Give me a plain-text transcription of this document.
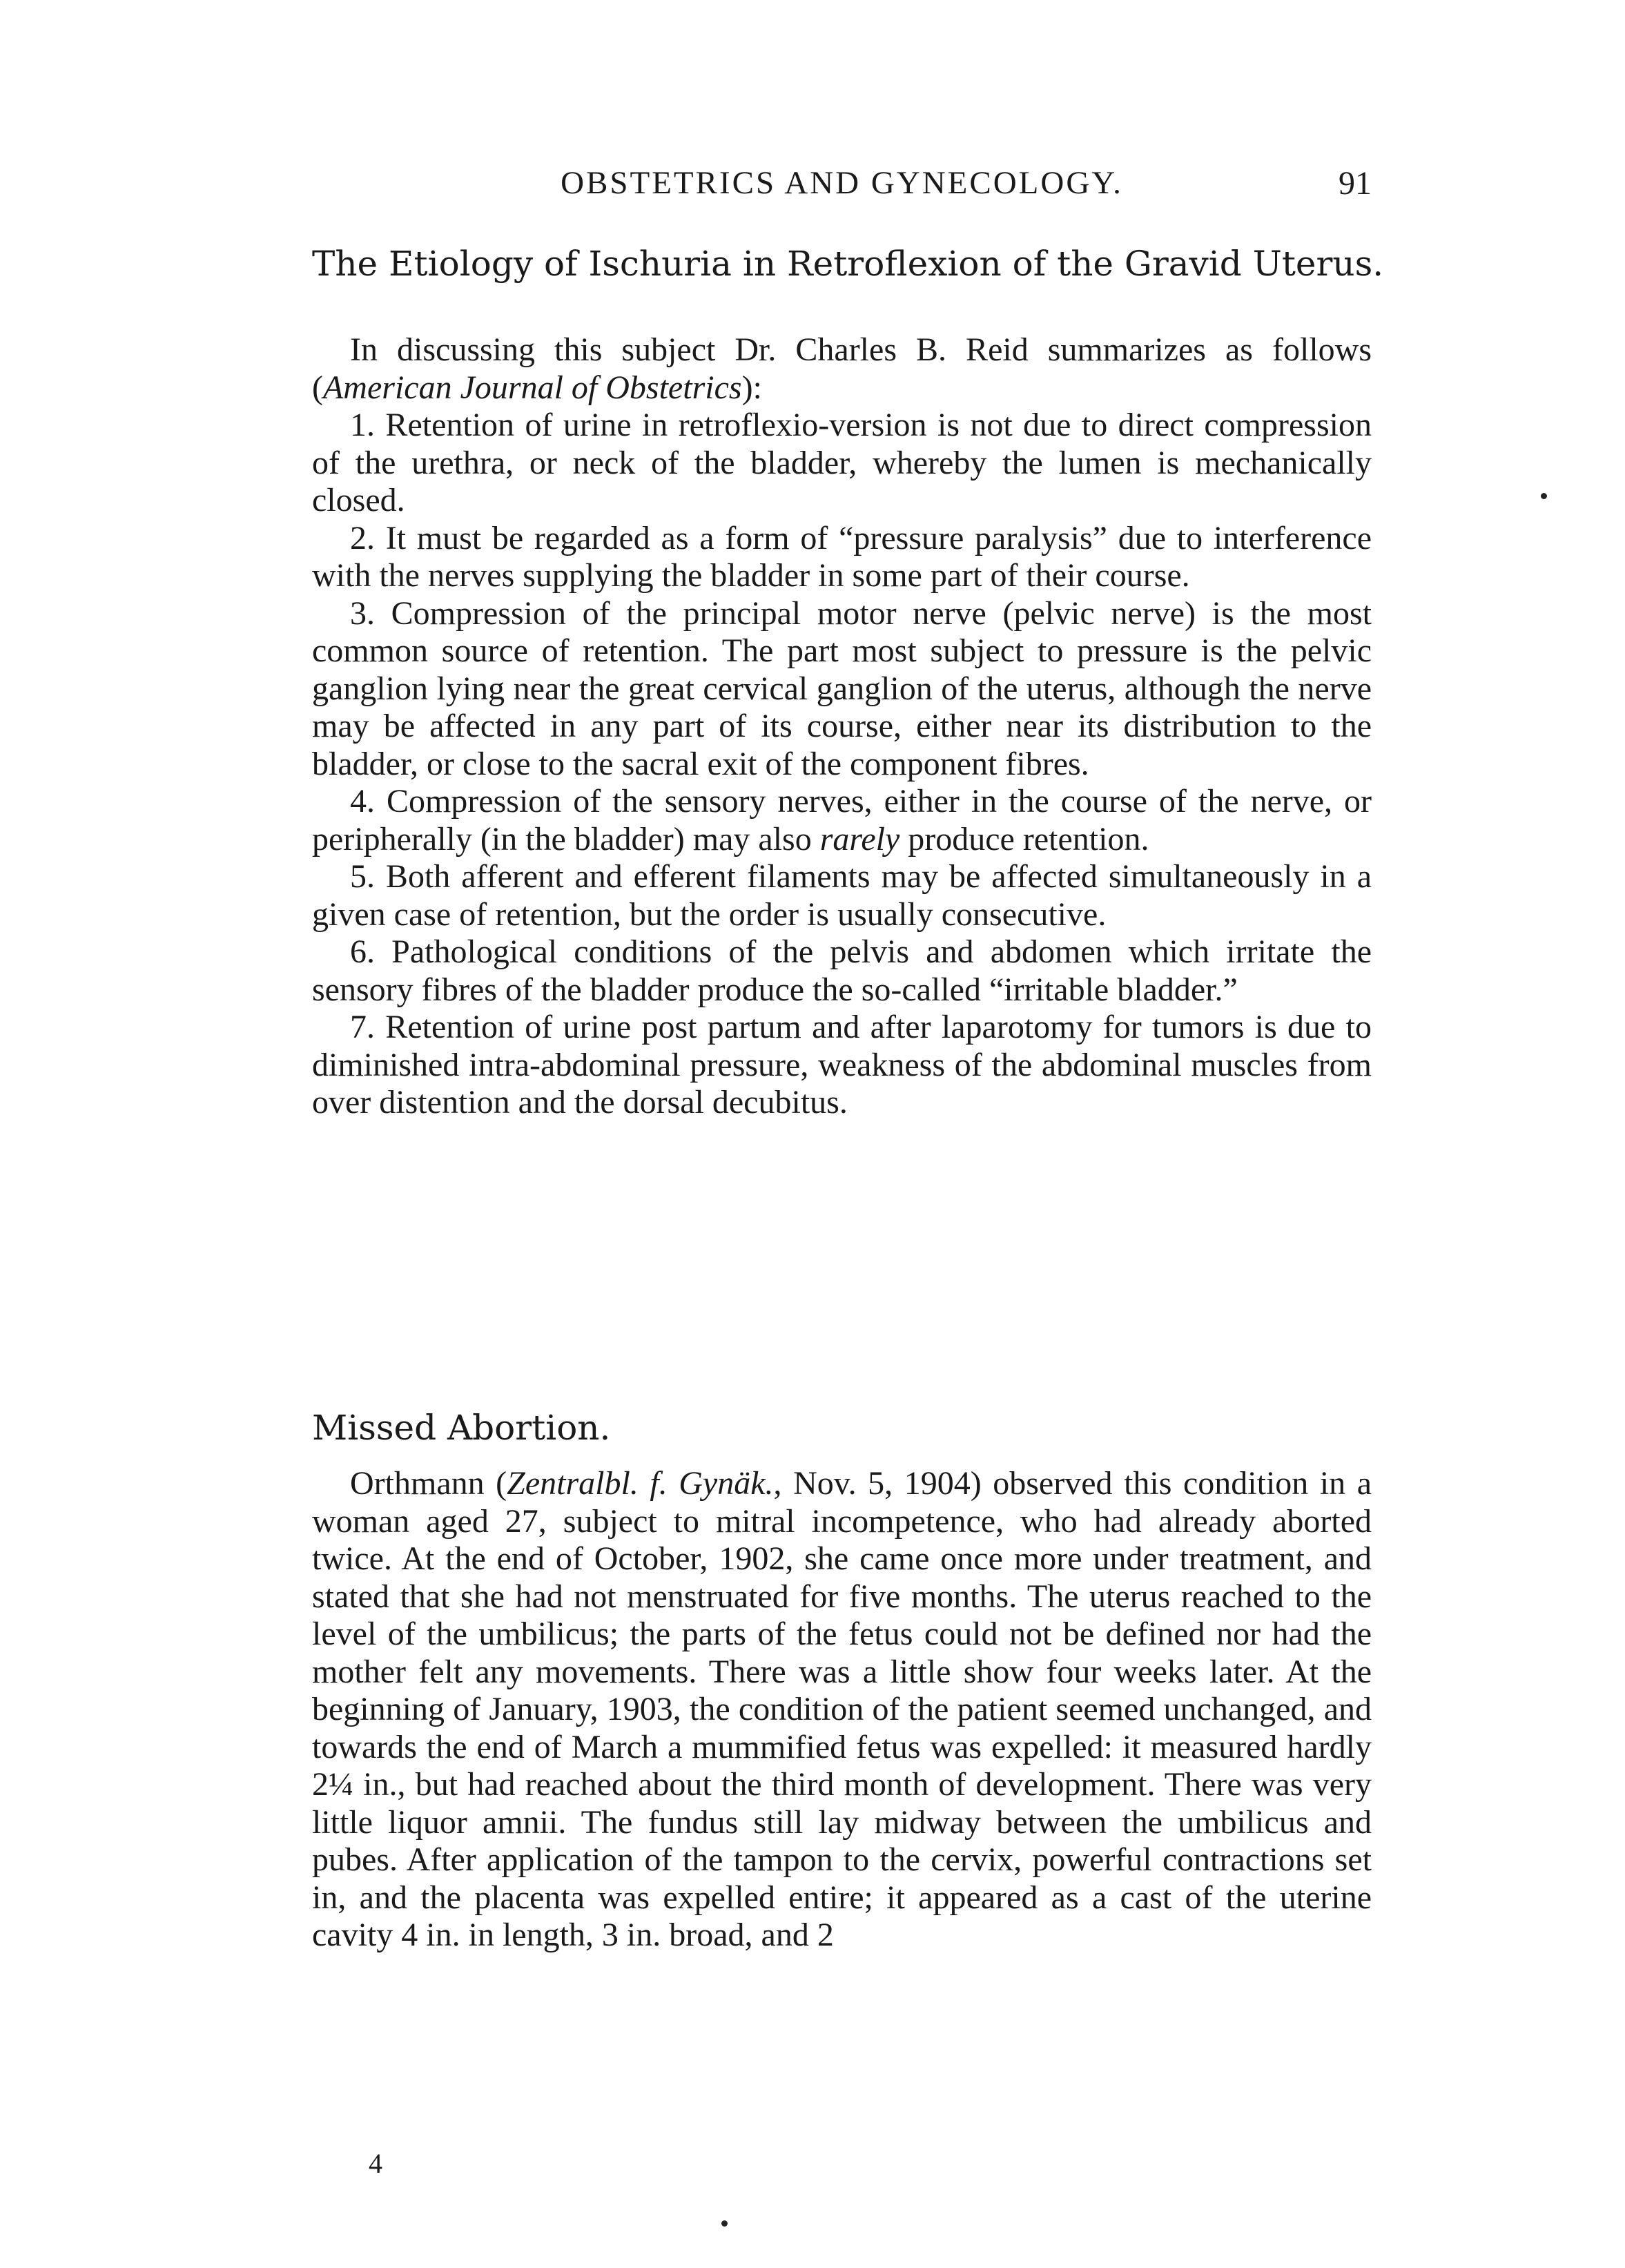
OBSTETRICS AND GYNECOLOGY.	91
The Etiology of Ischuria in Retroflexion of the Gravid Uterus.

In discussing this subject Dr. Charles B. Reid summarizes as follows (American Journal of Obstetrics):

1. Retention of urine in retroflexio-version is not due to direct compression of the urethra, or neck of the bladder, whereby the lumen is mechanically closed.

2. It must be regarded as a form of “pressure paralysis” due to interference with the nerves supplying the bladder in some part of their course.

3. Compression of the principal motor nerve (pelvic nerve) is the most common source of retention. The part most subject to pressure is the pelvic ganglion lying near the great cervical ganglion of the uterus, although the nerve may be affected in any part of its course, either near its distribution to the bladder, or close to the sacral exit of the component fibres.

4. Compression of the sensory nerves, either in the course of the nerve, or peripherally (in the bladder) may also rarely produce retention.

5. Both afferent and efferent filaments may be affected simultaneously in a given case of retention, but the order is usually consecutive.

6. Pathological conditions of the pelvis and abdomen which irritate the sensory fibres of the bladder produce the so-called “irritable bladder.”

7. Retention of urine post partum and after laparotomy for tumors is due to diminished intra-abdominal pressure, weakness of the abdominal muscles from over distention and the dorsal decubitus.

Missed Abortion.

Orthmann (Zentralbl. f. Gynäk., Nov. 5, 1904) observed this condition in a woman aged 27, subject to mitral incompetence, who had already aborted twice. At the end of October, 1902, she came once more under treatment, and stated that she had not menstruated for five months. The uterus reached to the level of the umbilicus; the parts of the fetus could not be defined nor had the mother felt any movements. There was a little show four weeks later. At the beginning of January, 1903, the condition of the patient seemed unchanged, and towards the end of March a mummified fetus was expelled: it measured hardly 2¼ in., but had reached about the third month of development. There was very little liquor amnii. The fundus still lay midway between the umbilicus and pubes. After application of the tampon to the cervix, powerful contractions set in, and the placenta was expelled entire; it appeared as a cast of the uterine cavity 4 in. in length, 3 in. broad, and 2

4
